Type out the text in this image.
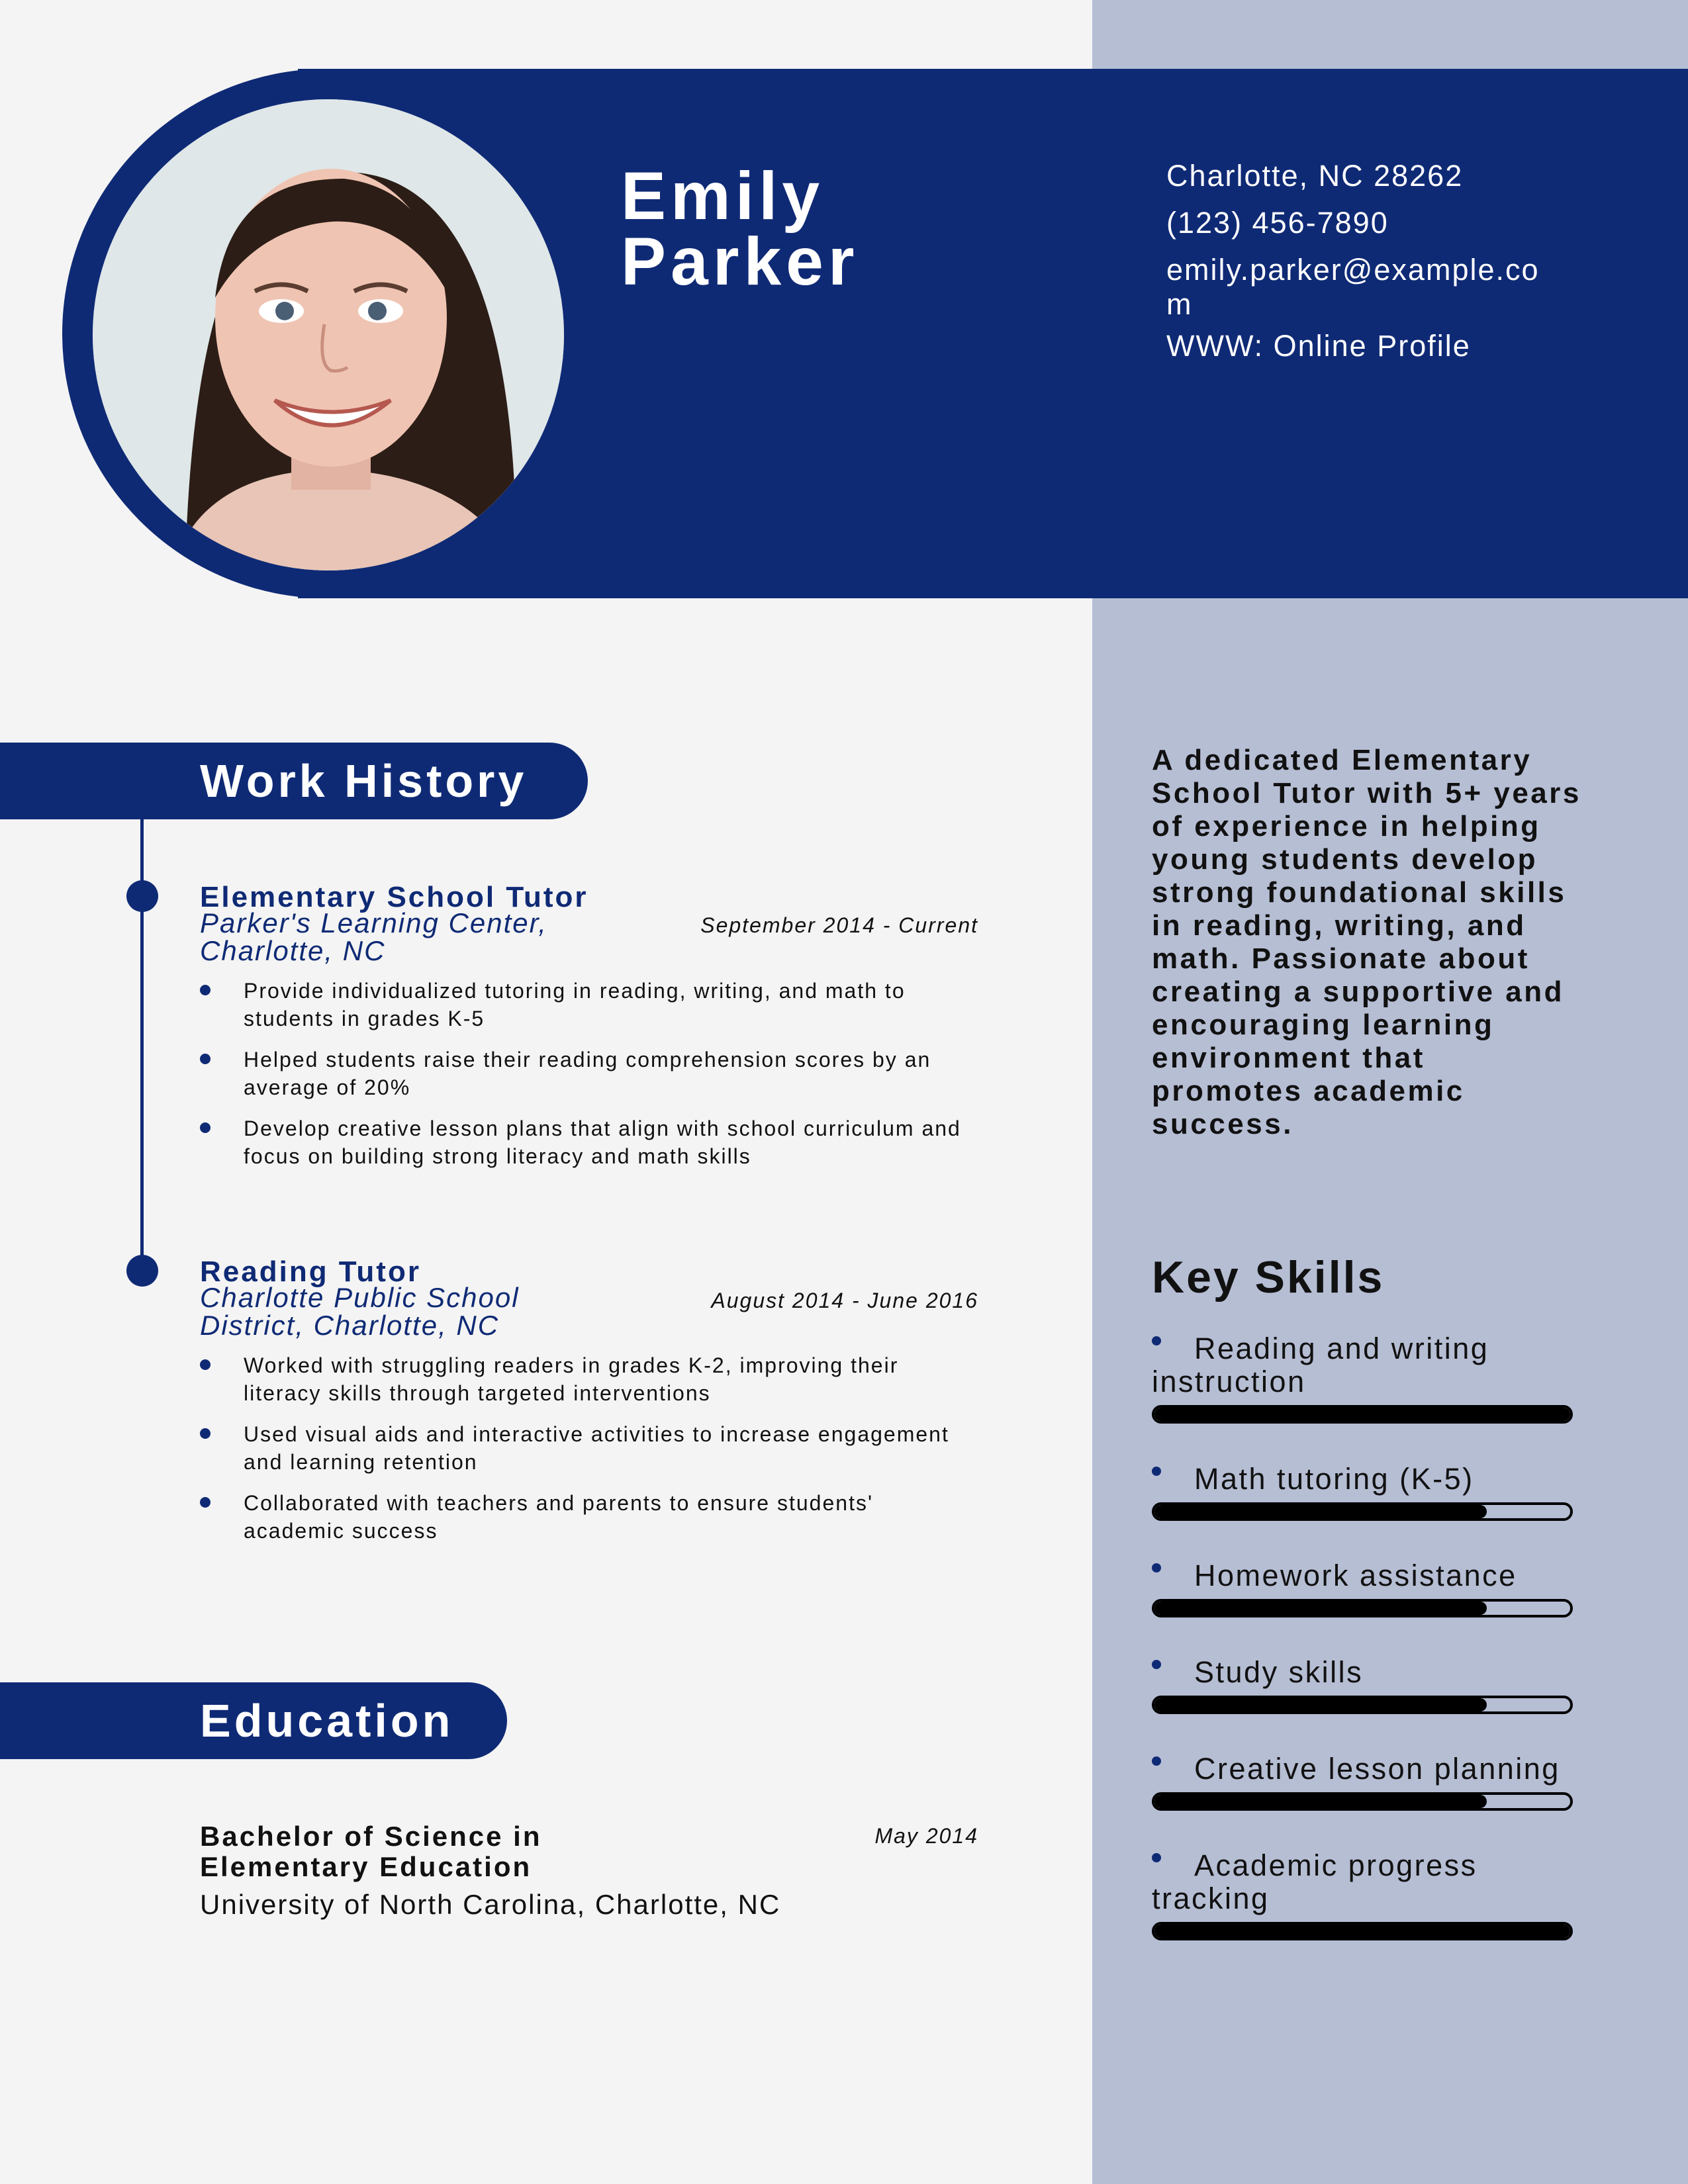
Emily
Parker
Charlotte, NC 28262
(123) 456-7890
emily.parker@example.com
WWW: Online Profile
Work History
Elementary School Tutor
Parker's Learning Center, Charlotte, NC
September 2014 - Current
Provide individualized tutoring in reading, writing, and math to students in grades K-5
Helped students raise their reading comprehension scores by an average of 20%
Develop creative lesson plans that align with school curriculum and focus on building strong literacy and math skills
Reading Tutor
Charlotte Public School District, Charlotte, NC
August 2014 - June 2016
Worked with struggling readers in grades K-2, improving their literacy skills through targeted interventions
Used visual aids and interactive activities to increase engagement and learning retention
Collaborated with teachers and parents to ensure students' academic success
Education
Bachelor of Science in Elementary Education
May 2014
University of North Carolina, Charlotte, NC
A dedicated Elementary School Tutor with 5+ years of experience in helping young students develop strong foundational skills in reading, writing, and math. Passionate about creating a supportive and encouraging learning environment that promotes academic success.
Key Skills
Reading and writing instruction
Math tutoring (K-5)
Homework assistance
Study skills
Creative lesson planning
Academic progress tracking
